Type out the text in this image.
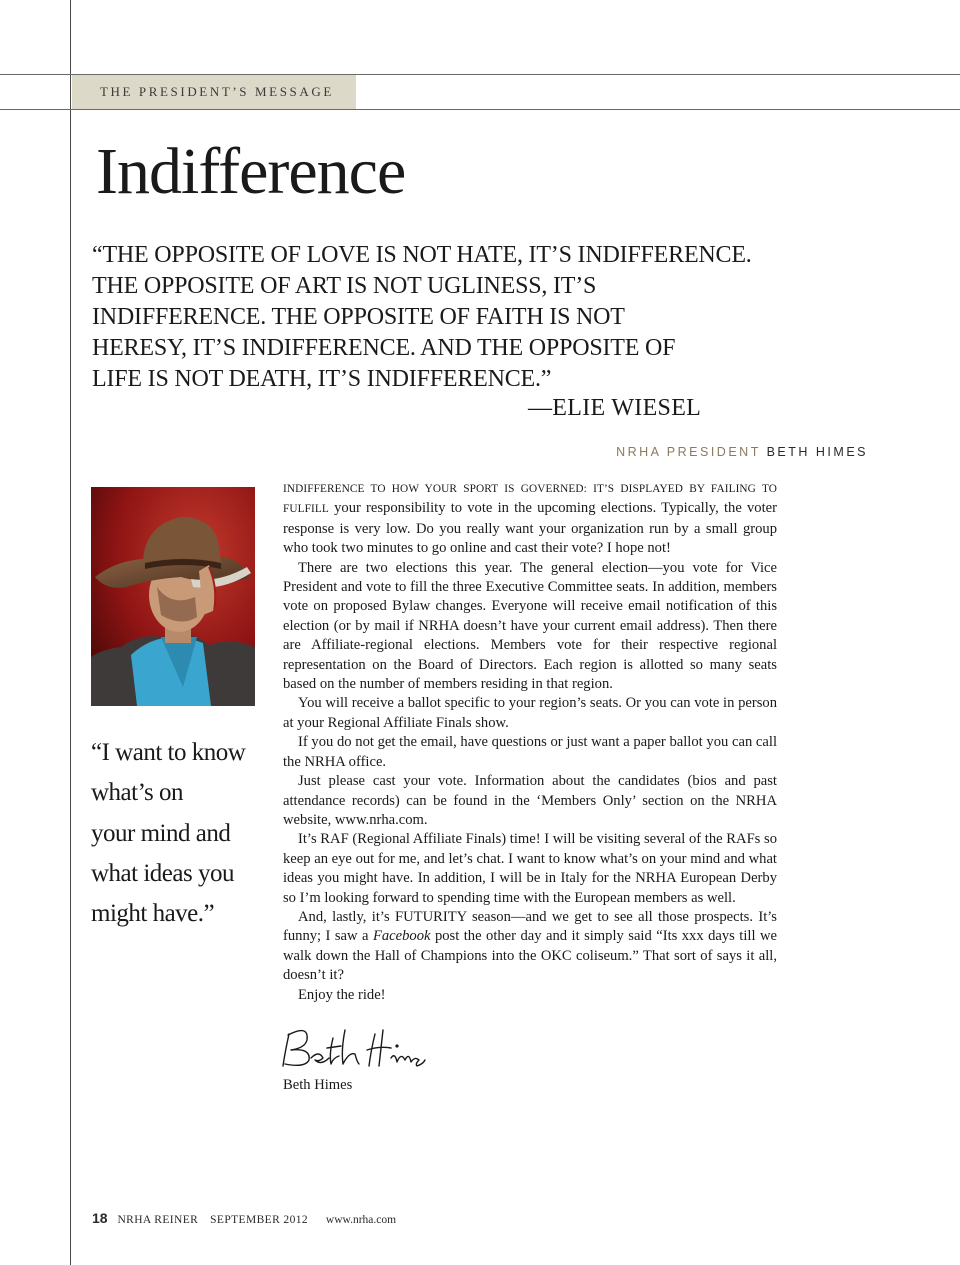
THE PRESIDENT’S MESSAGE
Indifference

“THE OPPOSITE OF LOVE IS NOT HATE, IT’S INDIFFERENCE.

THE OPPOSITE OF ART IS NOT UGLINESS, IT’S

INDIFFERENCE. THE OPPOSITE OF FAITH IS NOT

HERESY, IT’S INDIFFERENCE. AND THE OPPOSITE OF

LIFE IS NOT DEATH, IT’S INDIFFERENCE.”

—ELIE WIESEL
NRHA PRESIDENT BETH HIMES
“I want to know
what’s on
your mind and
what ideas you
might have.”

INDIFFERENCE TO HOW YOUR SPORT IS GOVERNED: IT’S DISPLAYED BY FAILING TO FULFILL your responsibility to vote in the upcoming elections. Typically, the voter response is very low. Do you really want your organization run by a small group who took two minutes to go online and cast their vote? I hope not!

There are two elections this year. The general election—you vote for Vice President and vote to fill the three Executive Committee seats. In addition, members vote on proposed Bylaw changes. Everyone will receive email notification of this election (or by mail if NRHA doesn’t have your current email address). Then there are Affiliate-regional elections. Members vote for their respective regional representation on the Board of Directors. Each region is allotted so many seats based on the number of members residing in that region.

You will receive a ballot specific to your region’s seats. Or you can vote in person at your Regional Affiliate Finals show.

If you do not get the email, have questions or just want a paper ballot you can call the NRHA office.

Just please cast your vote. Information about the candidates (bios and past attendance records) can be found in the ‘Members Only’ section on the NRHA website, www.nrha.com.

It’s RAF (Regional Affiliate Finals) time! I will be visiting several of the RAFs so keep an eye out for me, and let’s chat. I want to know what’s on your mind and what ideas you might have. In addition, I will be in Italy for the NRHA European Derby so I’m looking forward to spending time with the European members as well.

And, lastly, it’s FUTURITY season—and we get to see all those prospects. It’s funny; I saw a Facebook post the other day and it simply said “Its xxx days till we walk down the Hall of Champions into the OKC coliseum.” That sort of says it all, doesn’t it?

Enjoy the ride!

Beth Himes
18 NRHA REINER SEPTEMBER 2012 www.nrha.com
